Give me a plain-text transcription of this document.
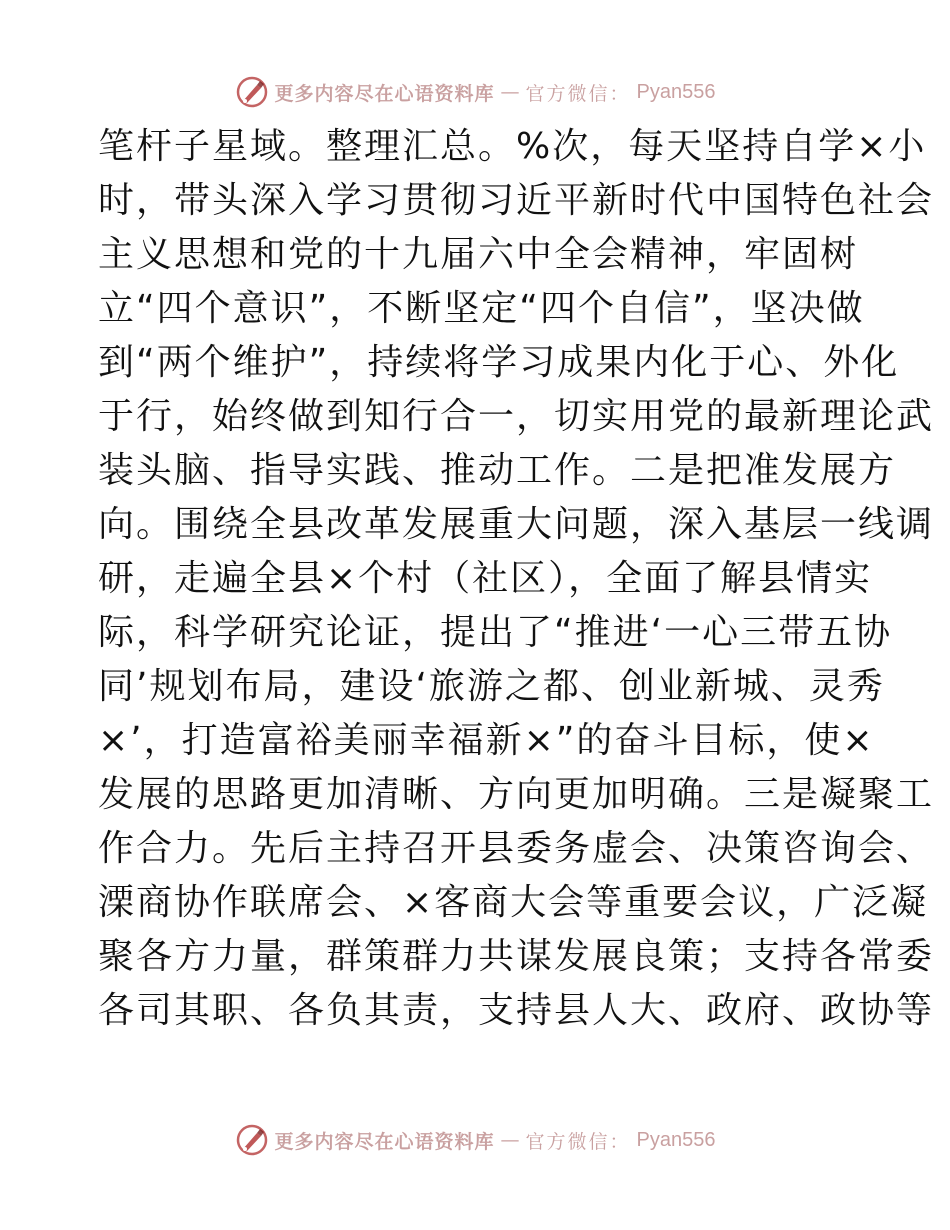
更多内容尽在心语资料库 — 官方微信： Pyan556
笔杆子星域。整理汇总。%次，每天坚持自学×小
时，带头深入学习贯彻习近平新时代中国特色社会
主义思想和党的十九届六中全会精神，牢固树
立“四个意识”，不断坚定“四个自信”，坚决做
到“两个维护”，持续将学习成果内化于心、外化
于行，始终做到知行合一，切实用党的最新理论武
装头脑、指导实践、推动工作。二是把准发展方
向。围绕全县改革发展重大问题，深入基层一线调
研，走遍全县×个村（社区），全面了解县情实
际，科学研究论证，提出了“推进‘一心三带五协
同’规划布局，建设‘旅游之都、创业新城、灵秀
×’，打造富裕美丽幸福新×”的奋斗目标，使×
发展的思路更加清晰、方向更加明确。三是凝聚工
作合力。先后主持召开县委务虚会、决策咨询会、
溧商协作联席会、×客商大会等重要会议，广泛凝
聚各方力量，群策群力共谋发展良策；支持各常委
各司其职、各负其责，支持县人大、政府、政协等
更多内容尽在心语资料库 — 官方微信： Pyan556
